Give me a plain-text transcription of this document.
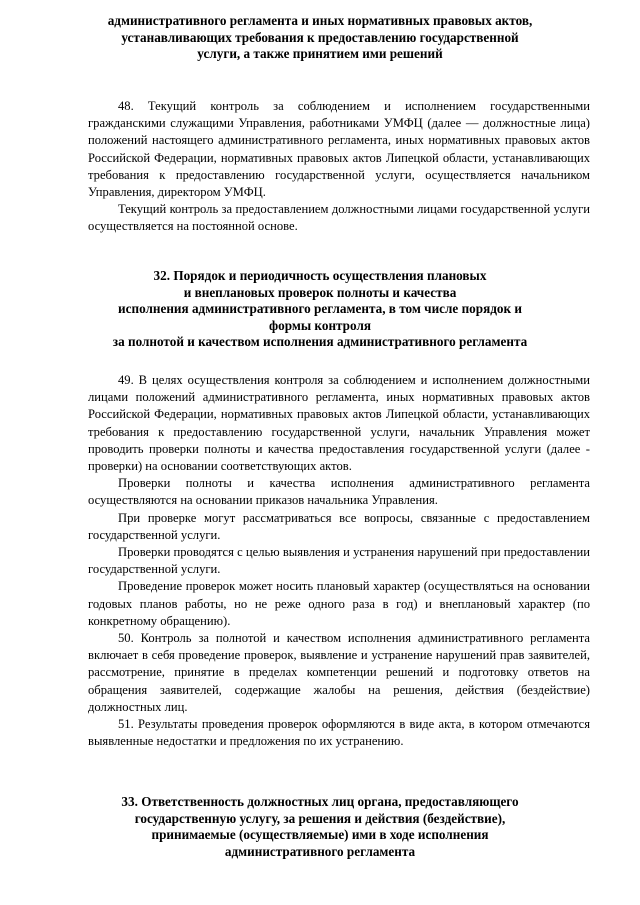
административного регламента и иных нормативных правовых актов,
устанавливающих требования к предоставлению государственной
услуги, а также принятием ими решений
48. Текущий контроль за соблюдением и исполнением государственными гражданскими служащими Управления, работниками УМФЦ (далее — должностные лица) положений настоящего административного регламента, иных нормативных правовых актов Российской Федерации, нормативных правовых актов Липецкой области, устанавливающих требования к предоставлению государственной услуги, осуществляется начальником Управления, директором УМФЦ.
Текущий контроль за предоставлением должностными лицами государственной услуги осуществляется на постоянной основе.
32. Порядок и периодичность осуществления плановых
и внеплановых проверок полноты и качества
исполнения административного регламента, в том числе порядок и
формы контроля
за полнотой и качеством исполнения административного регламента
49. В целях осуществления контроля за соблюдением и исполнением должностными лицами положений административного регламента, иных нормативных правовых актов Российской Федерации, нормативных правовых актов Липецкой области, устанавливающих требования к предоставлению государственной услуги, начальник Управления может проводить проверки полноты и качества предоставления государственной услуги (далее - проверки) на основании соответствующих актов.
Проверки полноты и качества исполнения административного регламента осуществляются на основании приказов начальника Управления.
При проверке могут рассматриваться все вопросы, связанные с предоставлением государственной услуги.
Проверки проводятся с целью выявления и устранения нарушений при предоставлении государственной услуги.
Проведение проверок может носить плановый характер (осуществляться на основании годовых планов работы, но не реже одного раза в год) и внеплановый характер (по конкретному обращению).
50. Контроль за полнотой и качеством исполнения административного регламента включает в себя проведение проверок, выявление и устранение нарушений прав заявителей, рассмотрение, принятие в пределах компетенции решений и подготовку ответов на обращения заявителей, содержащие жалобы на решения, действия (бездействие) должностных лиц.
51. Результаты проведения проверок оформляются в виде акта, в котором отмечаются выявленные недостатки и предложения по их устранению.
33. Ответственность должностных лиц органа, предоставляющего
государственную услугу, за решения и действия (бездействие),
принимаемые (осуществляемые) ими в ходе исполнения
административного регламента
